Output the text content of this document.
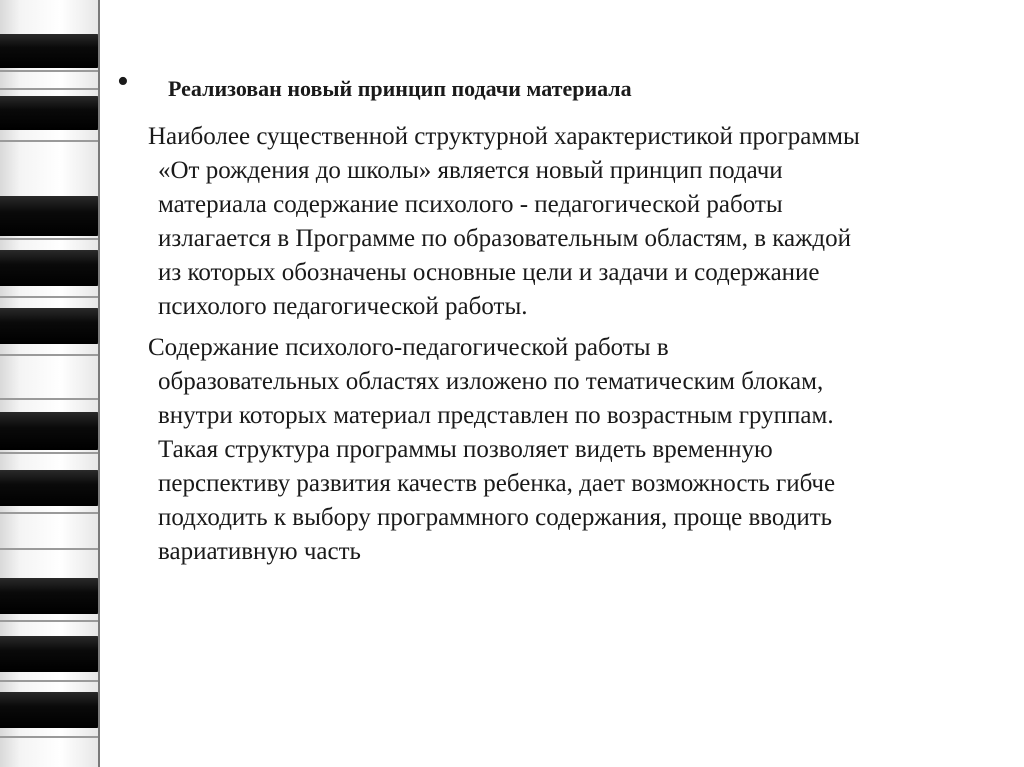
• Реализован новый принцип подачи материала
Наиболее существенной структурной характеристикой программы
«От рождения до школы» является новый принцип подачи
материала содержание психолого - педагогической работы
излагается в Программе по образовательным областям, в каждой
из которых обозначены основные цели и задачи и содержание
психолого педагогической работы.
Содержание психолого-педагогической работы в
образовательных областях изложено по тематическим блокам,
внутри которых материал представлен по возрастным группам.
Такая структура программы позволяет видеть временную
перспективу развития качеств ребенка, дает возможность гибче
подходить к выбору программного содержания, проще вводить
вариативную часть
